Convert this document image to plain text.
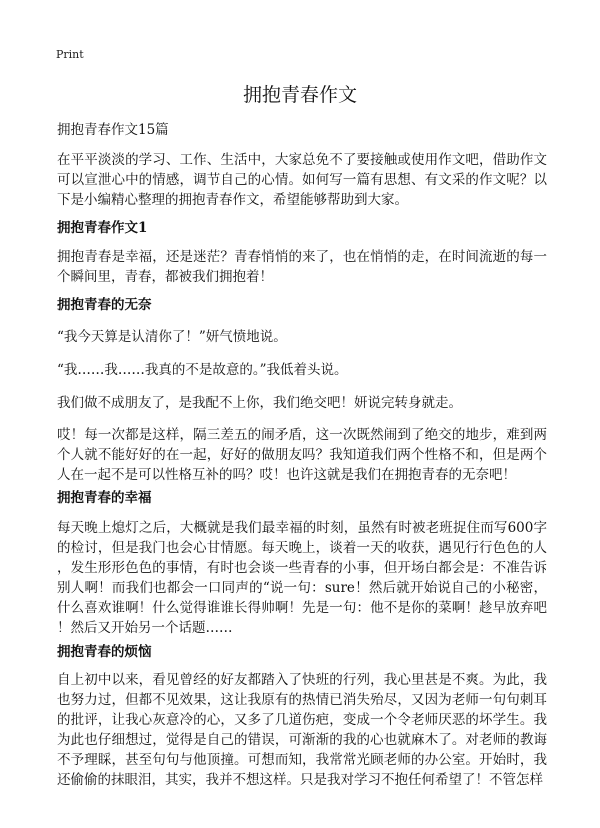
Print
拥抱青春作文

拥抱青春作文15篇

在平平淡淡的学习、工作、生活中，大家总免不了要接触或使用作文吧，借助作文可以宣泄心中的情感，调节自己的心情。如何写一篇有思想、有文采的作文呢？以下是小编精心整理的拥抱青春作文，希望能够帮助到大家。

拥抱青春作文1

拥抱青春是幸福，还是迷茫？青春悄悄的来了，也在悄悄的走，在时间流逝的每一个瞬间里，青春，都被我们拥抱着！

拥抱青春的无奈

“我今天算是认清你了！”妍气愤地说。

“我……我……我真的不是故意的。”我低着头说。

我们做不成朋友了，是我配不上你，我们绝交吧！妍说完转身就走。

哎！每一次都是这样，隔三差五的闹矛盾，这一次既然闹到了绝交的地步，难到两个人就不能好好的在一起，好好的做朋友吗？我知道我们两个性格不和，但是两个人在一起不是可以性格互补的吗？哎！也许这就是我们在拥抱青春的无奈吧！

拥抱青春的幸福

每天晚上熄灯之后，大概就是我们最幸福的时刻，虽然有时被老班捉住而写600字的检讨，但是我门也会心甘情愿。每天晚上，谈着一天的收获，遇见行行色色的人，发生形形色色的事情，有时也会谈一些青春的小事，但开场白都会是：不准告诉别人啊！而我们也都会一口同声的“说一句：sure！然后就开始说自己的小秘密，什么喜欢谁啊！什么觉得谁谁长得帅啊！先是一句：他不是你的菜啊！趁早放弃吧！然后又开始另一个话题……

拥抱青春的烦恼

自上初中以来，看见曾经的好友都踏入了快班的行列，我心里甚是不爽。为此，我也努力过，但都不见效果，这让我原有的热情已消失殆尽，又因为老师一句句刺耳的批评，让我心灰意冷的心，又多了几道伤疤，变成一个令老师厌恶的坏学生。我为此也仔细想过，觉得是自己的错误，可渐渐的我的心也就麻木了。对老师的教诲不予理睬，甚至句句与他顶撞。可想而知，我常常光顾老师的办公室。开始时，我还偷偷的抹眼泪，其实，我并不想这样。只是我对学习不抱任何希望了！不管怎样
